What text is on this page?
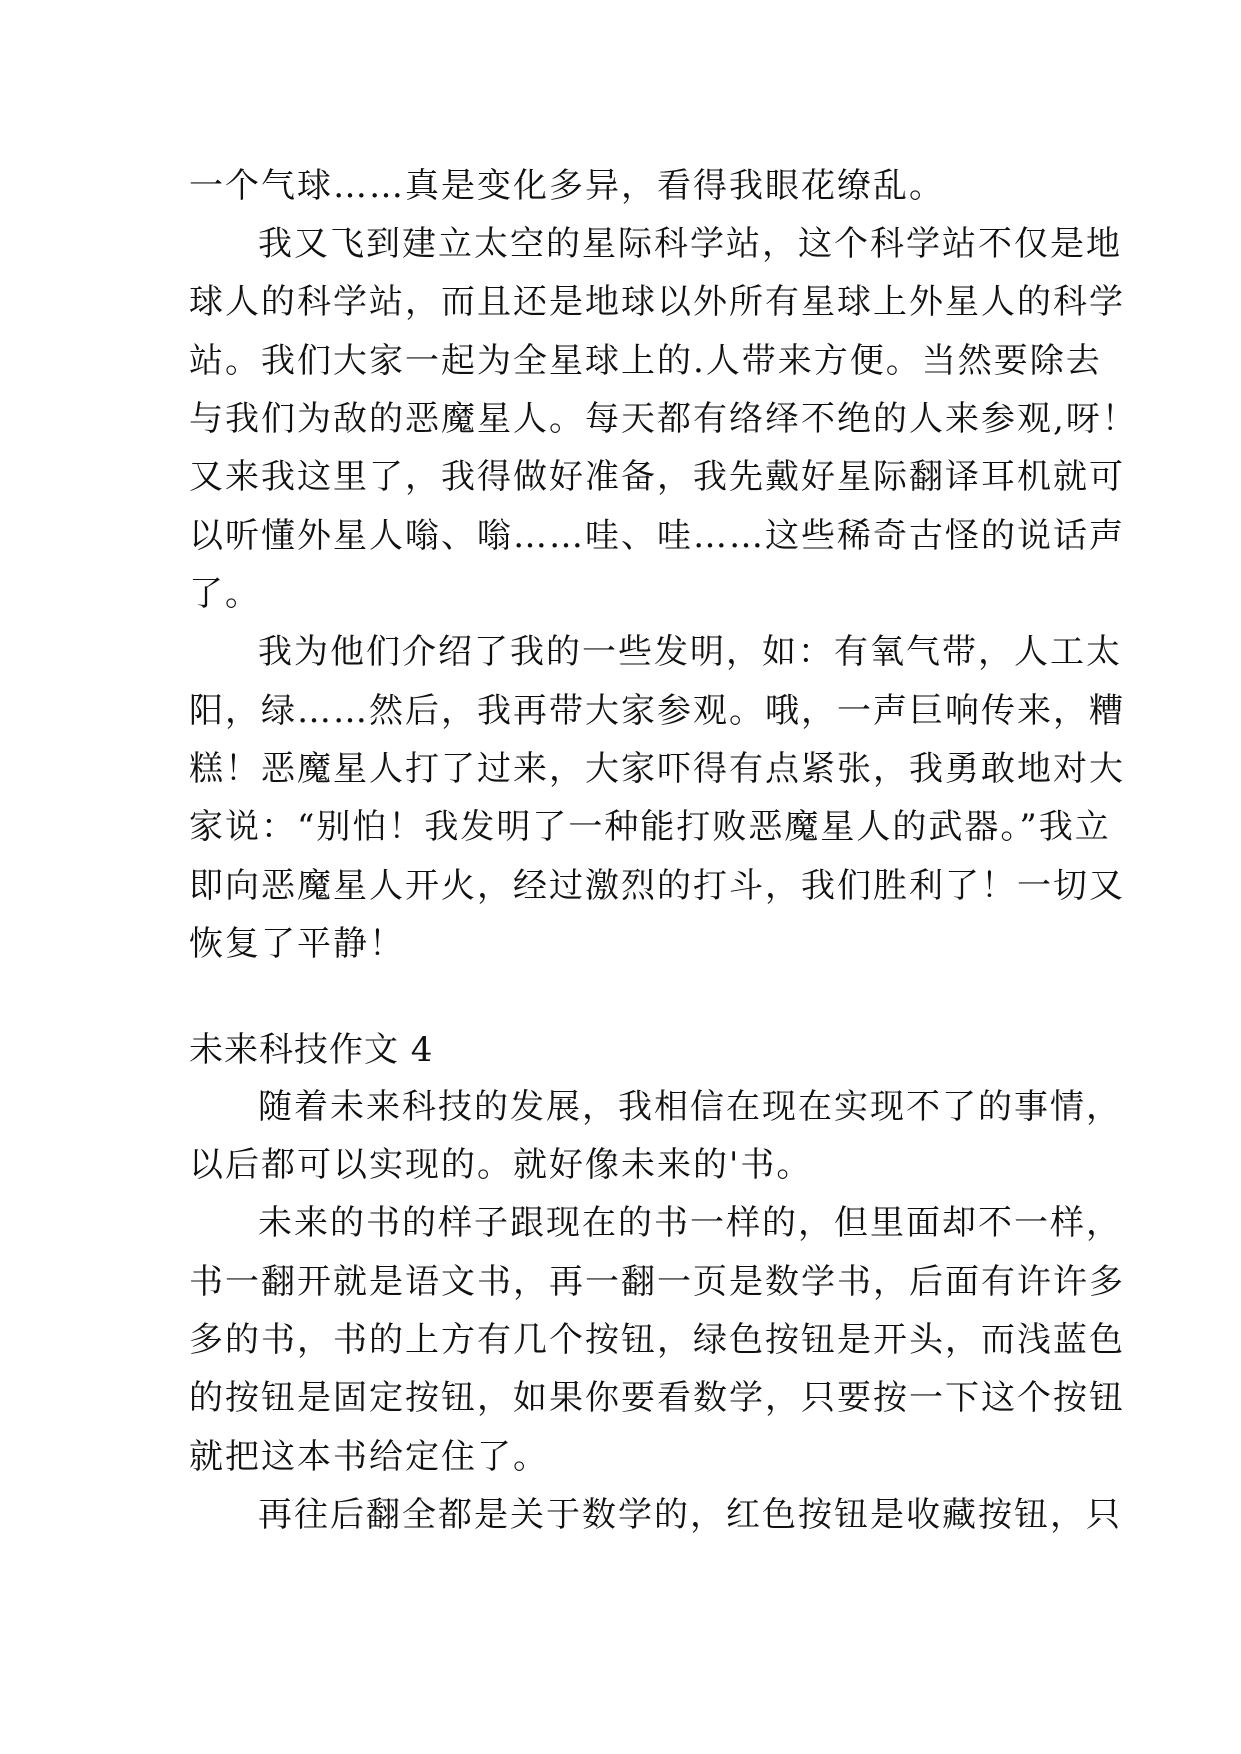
一个气球……真是变化多异，看得我眼花缭乱。
我又飞到建立太空的星际科学站，这个科学站不仅是地
球人的科学站，而且还是地球以外所有星球上外星人的科学
站。我们大家一起为全星球上的.人带来方便。当然要除去
与我们为敌的恶魔星人。每天都有络绎不绝的人来参观,呀！
又来我这里了，我得做好准备，我先戴好星际翻译耳机就可
以听懂外星人嗡、嗡……哇、哇……这些稀奇古怪的说话声
了。
我为他们介绍了我的一些发明，如：有氧气带，人工太
阳，绿……然后，我再带大家参观。哦，一声巨响传来，糟
糕！恶魔星人打了过来，大家吓得有点紧张，我勇敢地对大
家说：“别怕！我发明了一种能打败恶魔星人的武器。”我立
即向恶魔星人开火，经过激烈的打斗，我们胜利了！一切又
恢复了平静！
未来科技作文 4
随着未来科技的发展，我相信在现在实现不了的事情，
以后都可以实现的。就好像未来的'书。
未来的书的样子跟现在的书一样的，但里面却不一样，
书一翻开就是语文书，再一翻一页是数学书，后面有许许多
多的书，书的上方有几个按钮，绿色按钮是开头，而浅蓝色
的按钮是固定按钮，如果你要看数学，只要按一下这个按钮
就把这本书给定住了。
再往后翻全都是关于数学的，红色按钮是收藏按钮，只
